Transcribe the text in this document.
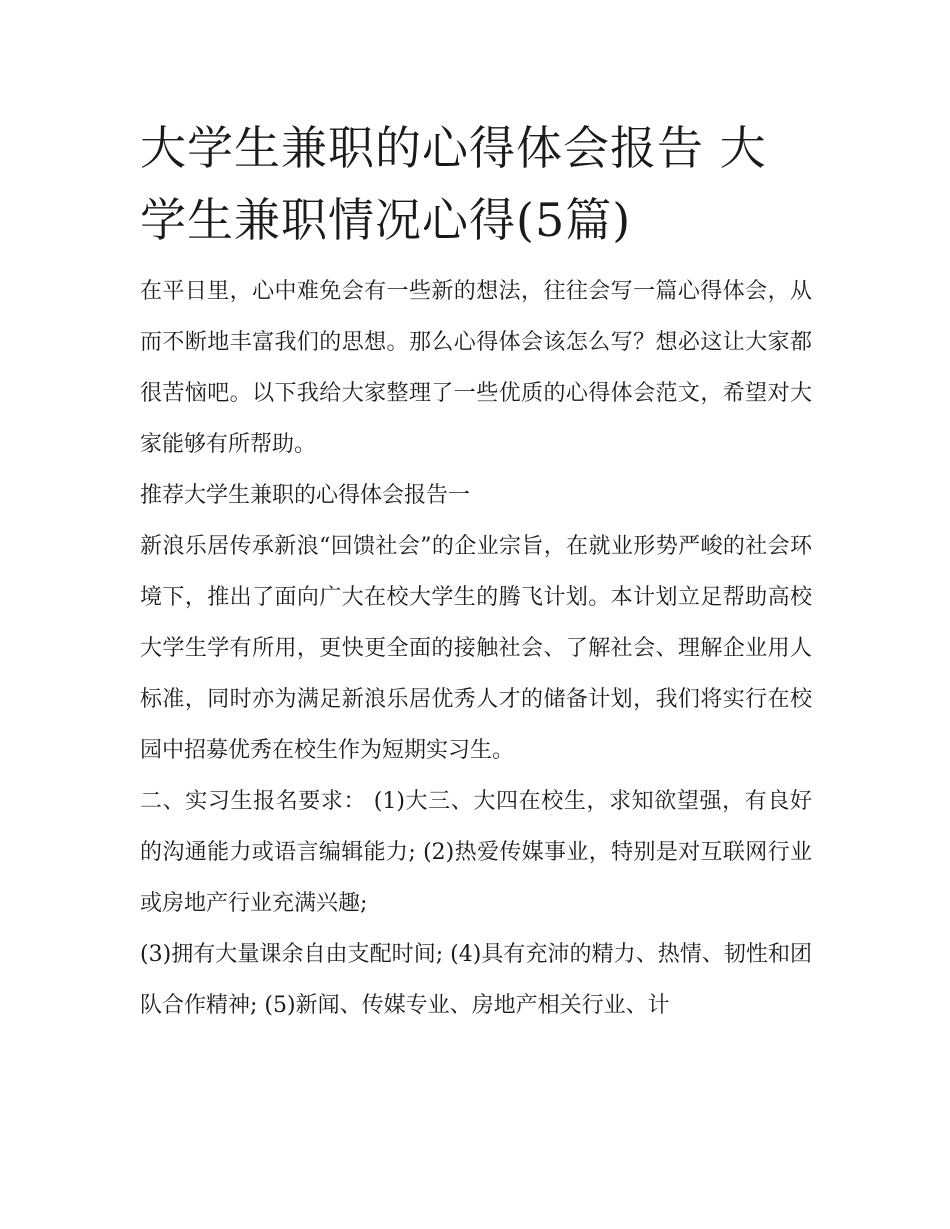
大学生兼职的心得体会报告 大学生兼职情况心得(5篇)

在平日里，心中难免会有一些新的想法，往往会写一篇心得体会，从而不断地丰富我们的思想。那么心得体会该怎么写？想必这让大家都很苦恼吧。以下我给大家整理了一些优质的心得体会范文，希望对大家能够有所帮助。

推荐大学生兼职的心得体会报告一

新浪乐居传承新浪“回馈社会”的企业宗旨，在就业形势严峻的社会环境下，推出了面向广大在校大学生的腾飞计划。本计划立足帮助高校大学生学有所用，更快更全面的接触社会、了解社会、理解企业用人标准，同时亦为满足新浪乐居优秀人才的储备计划，我们将实行在校园中招募优秀在校生作为短期实习生。

二、实习生报名要求： (1)大三、大四在校生，求知欲望强，有良好的沟通能力或语言编辑能力; (2)热爱传媒事业，特别是对互联网行业或房地产行业充满兴趣;

(3)拥有大量课余自由支配时间; (4)具有充沛的精力、热情、韧性和团队合作精神; (5)新闻、传媒专业、房地产相关行业、计
